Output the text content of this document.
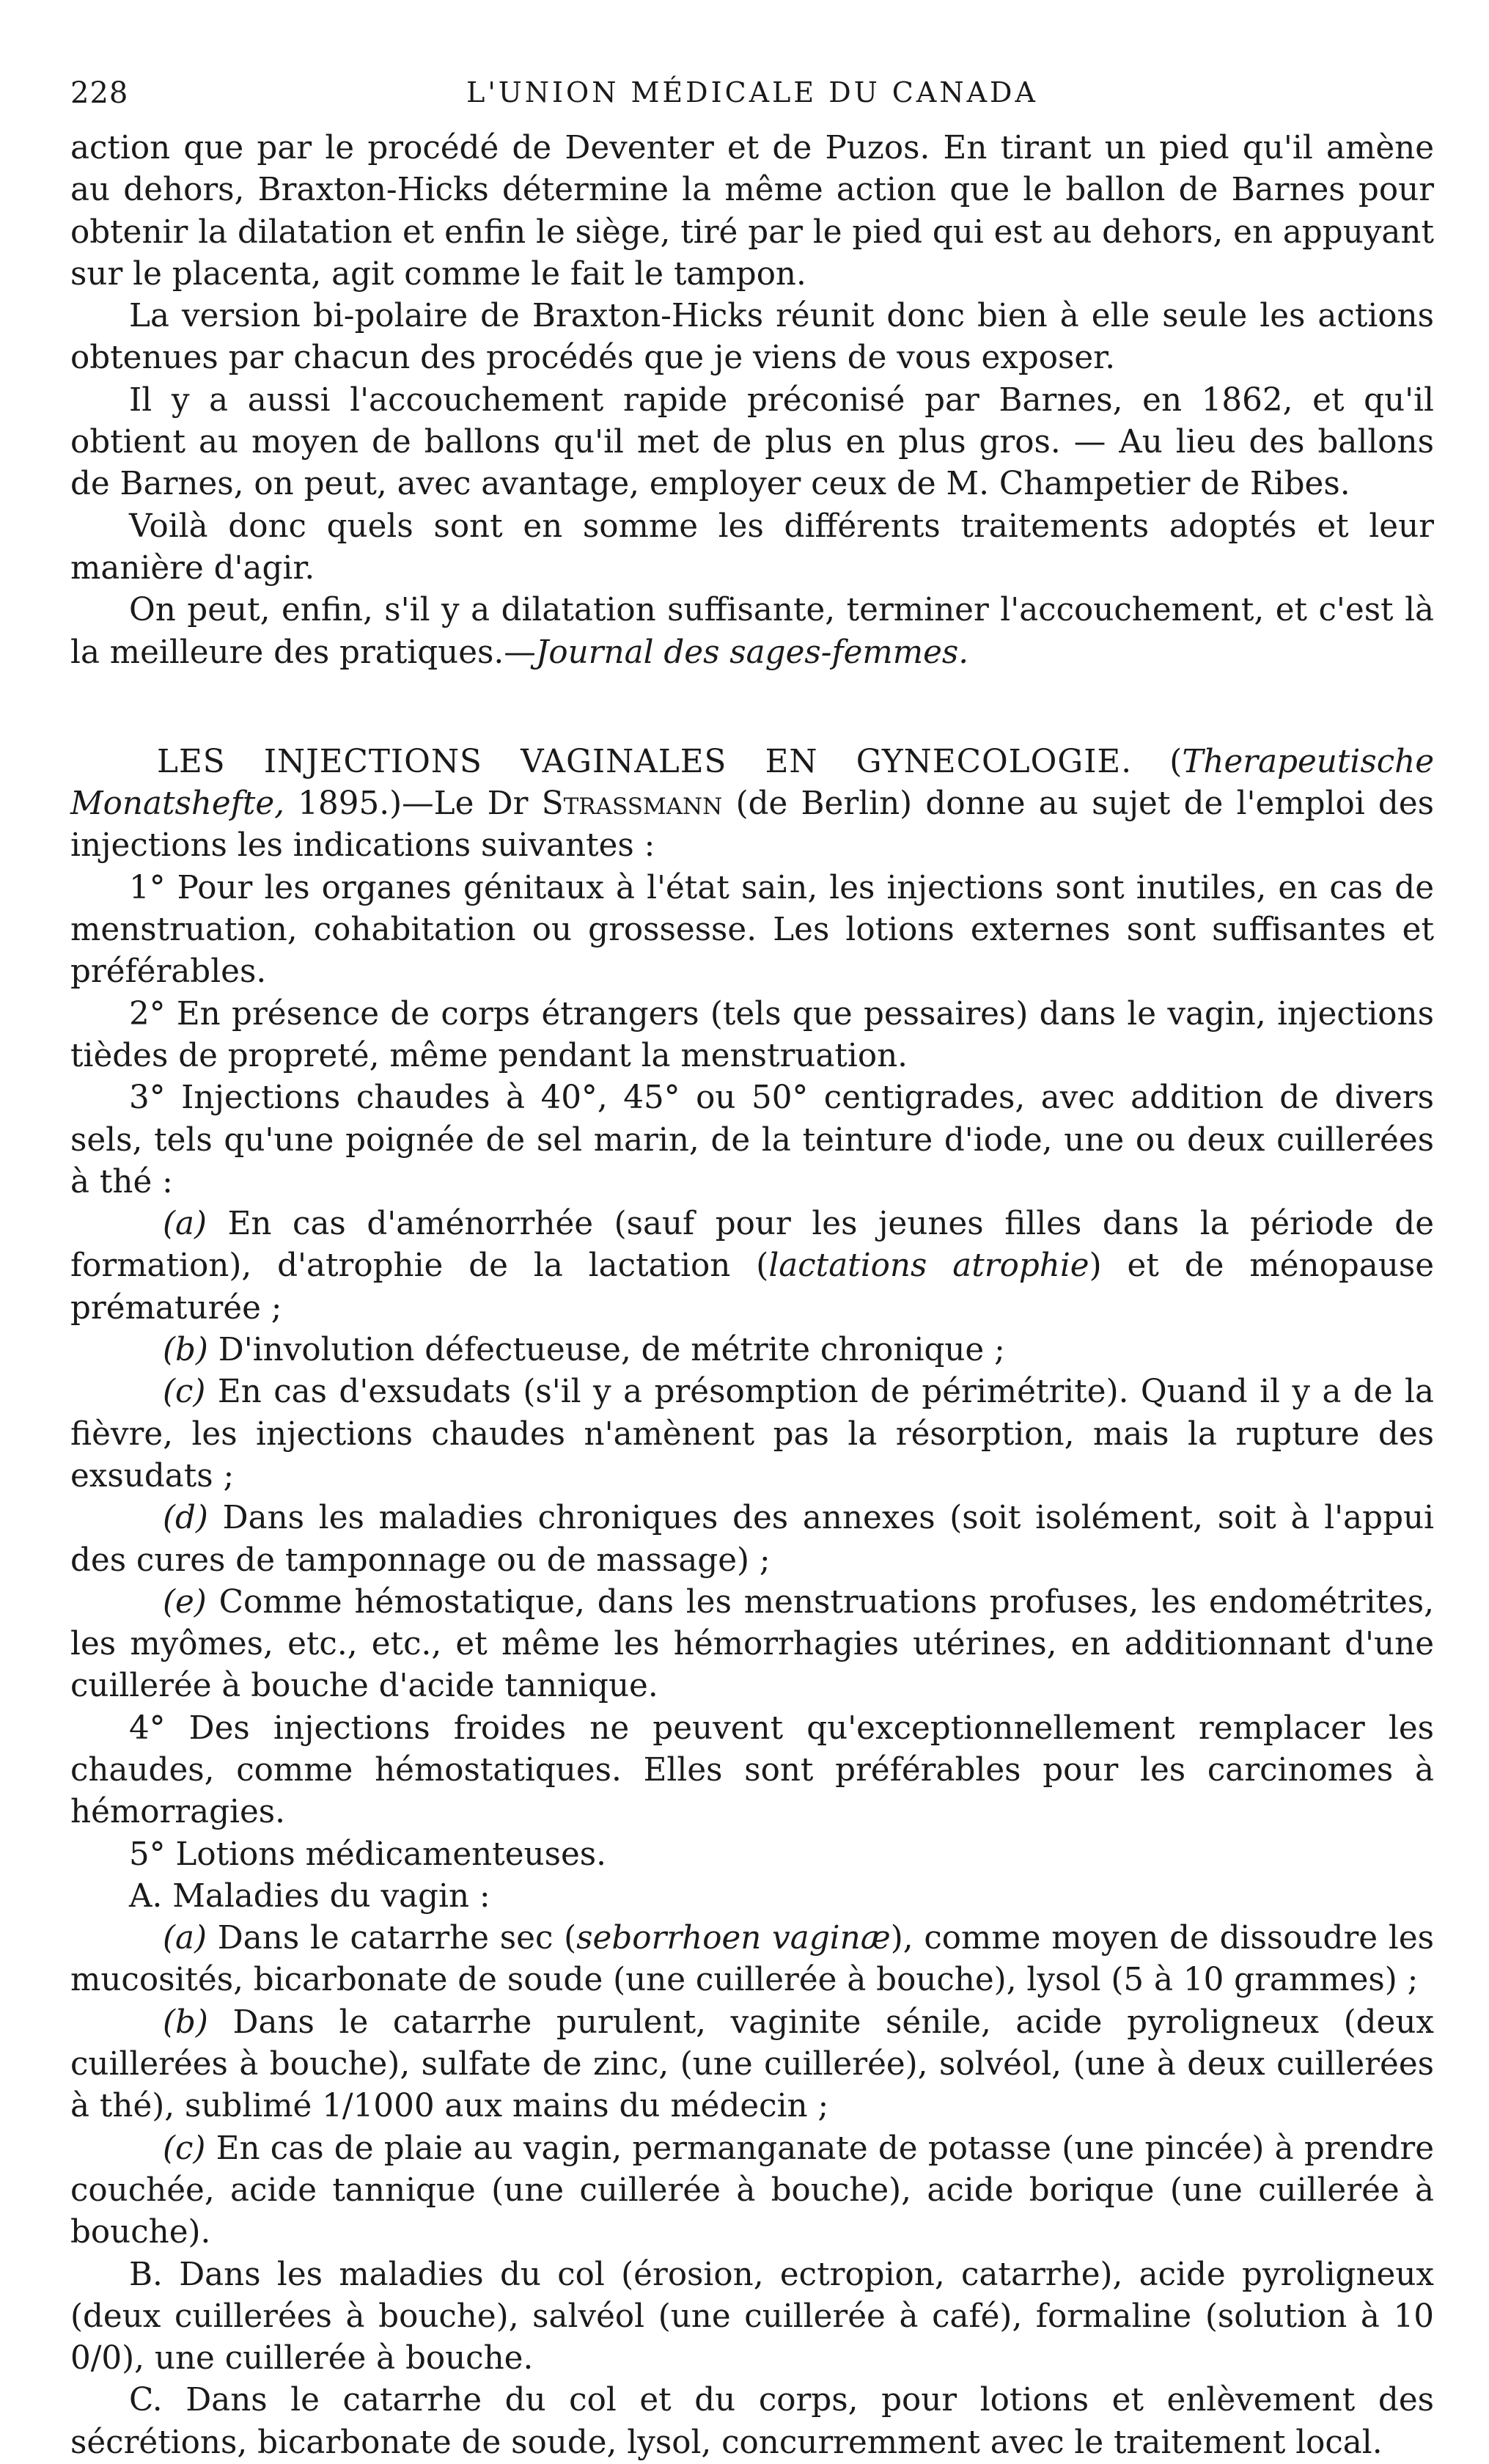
228	L'UNION MÉDICALE DU CANADA

action que par le procédé de Deventer et de Puzos. En tirant un pied qu'il amène au dehors, Braxton-Hicks détermine la même action que le ballon de Barnes pour obtenir la dilatation et enfin le siège, tiré par le pied qui est au dehors, en appuyant sur le placenta, agit comme le fait le tampon.

La version bi-polaire de Braxton-Hicks réunit donc bien à elle seule les actions obtenues par chacun des procédés que je viens de vous exposer.

Il y a aussi l'accouchement rapide préconisé par Barnes, en 1862, et qu'il obtient au moyen de ballons qu'il met de plus en plus gros. — Au lieu des ballons de Barnes, on peut, avec avantage, employer ceux de M. Champetier de Ribes.

Voilà donc quels sont en somme les différents traitements adoptés et leur manière d'agir.

On peut, enfin, s'il y a dilatation suffisante, terminer l'accouchement, et c'est là la meilleure des pratiques.—Journal des sages-femmes.

LES INJECTIONS VAGINALES EN GYNECOLOGIE. (Therapeutische Monatshefte, 1895.)—Le Dr Strassmann (de Berlin) donne au sujet de l'emploi des injections les indications suivantes :

1° Pour les organes génitaux à l'état sain, les injections sont inutiles, en cas de menstruation, cohabitation ou grossesse. Les lotions externes sont suffisantes et préférables.

2° En présence de corps étrangers (tels que pessaires) dans le vagin, injections tièdes de propreté, même pendant la menstruation.

3° Injections chaudes à 40°, 45° ou 50° centigrades, avec addition de divers sels, tels qu'une poignée de sel marin, de la teinture d'iode, une ou deux cuillerées à thé :

(a) En cas d'aménorrhée (sauf pour les jeunes filles dans la période de formation), d'atrophie de la lactation (lactations atrophie) et de ménopause prématurée ;

(b) D'involution défectueuse, de métrite chronique ;

(c) En cas d'exsudats (s'il y a présomption de périmétrite). Quand il y a de la fièvre, les injections chaudes n'amènent pas la résorption, mais la rupture des exsudats ;

(d) Dans les maladies chroniques des annexes (soit isolément, soit à l'appui des cures de tamponnage ou de massage) ;

(e) Comme hémostatique, dans les menstruations profuses, les endométrites, les myômes, etc., etc., et même les hémorrhagies utérines, en additionnant d'une cuillerée à bouche d'acide tannique.

4° Des injections froides ne peuvent qu'exceptionnellement remplacer les chaudes, comme hémostatiques. Elles sont préférables pour les carcinomes à hémorragies.

5° Lotions médicamenteuses.

A. Maladies du vagin :

(a) Dans le catarrhe sec (seborrhoen vaginæ), comme moyen de dissoudre les mucosités, bicarbonate de soude (une cuillerée à bouche), lysol (5 à 10 grammes) ;

(b) Dans le catarrhe purulent, vaginite sénile, acide pyroligneux (deux cuillerées à bouche), sulfate de zinc, (une cuillerée), solvéol, (une à deux cuillerées à thé), sublimé 1/1000 aux mains du médecin ;

(c) En cas de plaie au vagin, permanganate de potasse (une pincée) à prendre couchée, acide tannique (une cuillerée à bouche), acide borique (une cuillerée à bouche).

B. Dans les maladies du col (érosion, ectropion, catarrhe), acide pyroligneux (deux cuillerées à bouche), salvéol (une cuillerée à café), formaline (solution à 10 0/0), une cuillerée à bouche.

C. Dans le catarrhe du col et du corps, pour lotions et enlèvement des sécrétions, bicarbonate de soude, lysol, concurremment avec le traitement local.
